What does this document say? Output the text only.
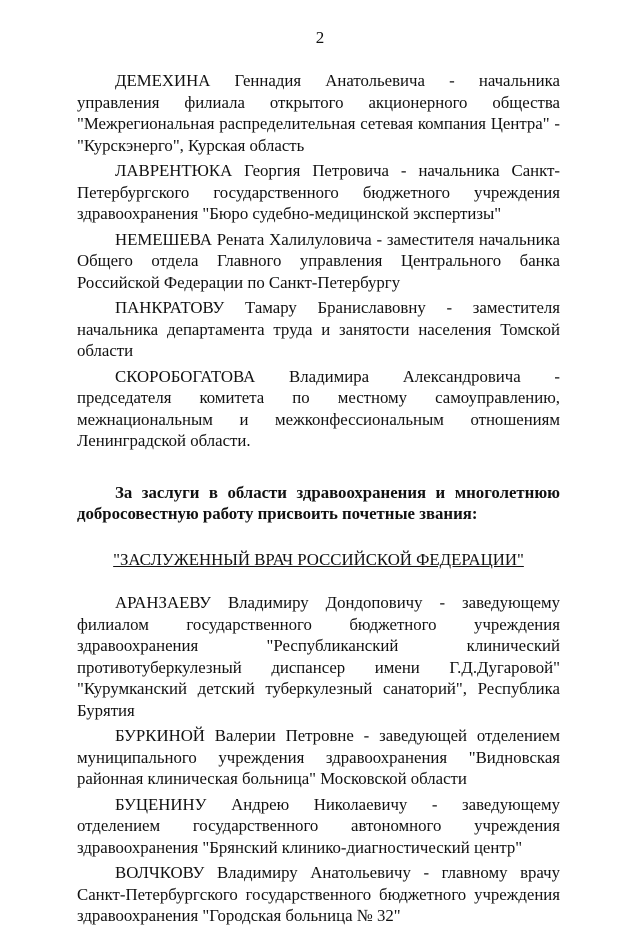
2

ДЕМЕХИНА Геннадия Анатольевича - начальника управления филиала открытого акционерного общества "Межрегиональная распределительная сетевая компания Центра" - "Курскэнерго", Курская область

ЛАВРЕНТЮКА Георгия Петровича - начальника Санкт-Петербургского государственного бюджетного учреждения здравоохранения "Бюро судебно-медицинской экспертизы"

НЕМЕШЕВА Рената Халилуловича - заместителя начальника Общего отдела Главного управления Центрального банка Российской Федерации по Санкт-Петербургу

ПАНКРАТОВУ Тамару Браниславовну - заместителя начальника департамента труда и занятости населения Томской области

СКОРОБОГАТОВА Владимира Александровича - председателя комитета по местному самоуправлению, межнациональным и межконфессиональным отношениям Ленинградской области.

За заслуги в области здравоохранения и многолетнюю добросовестную работу присвоить почетные звания:

"ЗАСЛУЖЕННЫЙ ВРАЧ РОССИЙСКОЙ ФЕДЕРАЦИИ"

АРАНЗАЕВУ Владимиру Дондоповичу - заведующему филиалом государственного бюджетного учреждения здравоохранения "Республиканский клинический противотуберкулезный диспансер имени Г.Д.Дугаровой" "Курумканский детский туберкулезный санаторий", Республика Бурятия

БУРКИНОЙ Валерии Петровне - заведующей отделением муниципального учреждения здравоохранения "Видновская районная клиническая больница" Московской области

БУЦЕНИНУ Андрею Николаевичу - заведующему отделением государственного автономного учреждения здравоохранения "Брянский клинико-диагностический центр"

ВОЛЧКОВУ Владимиру Анатольевичу - главному врачу Санкт-Петербургского государственного бюджетного учреждения здравоохранения "Городская больница № 32"
